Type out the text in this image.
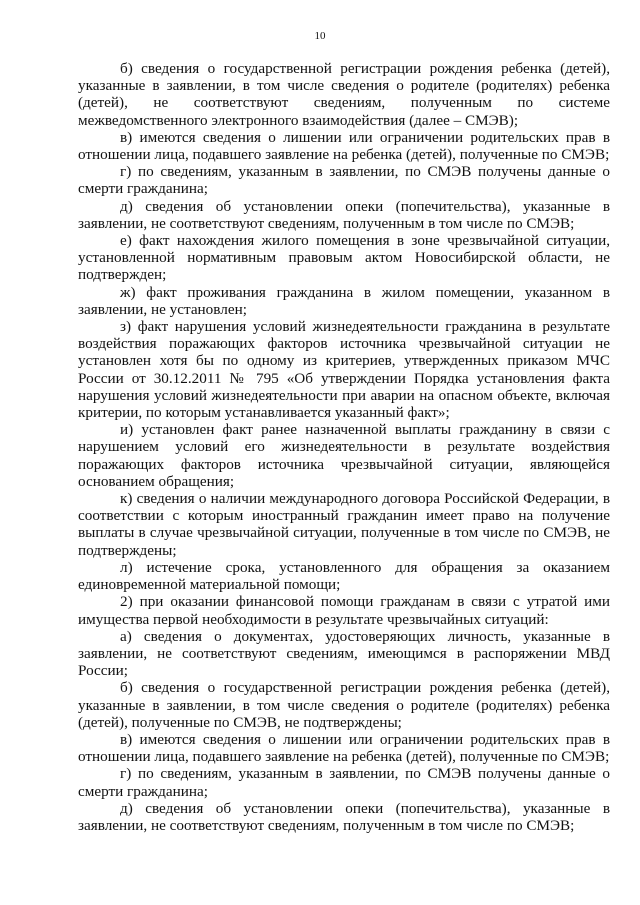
10

б) сведения о государственной регистрации рождения ребенка (детей), указанные в заявлении, в том числе сведения о родителе (родителях) ребенка (детей), не соответствуют сведениям, полученным по системе межведомственного электронного взаимодействия (далее – СМЭВ);

в) имеются сведения о лишении или ограничении родительских прав в отношении лица, подавшего заявление на ребенка (детей), полученные по СМЭВ;

г) по сведениям, указанным в заявлении, по СМЭВ получены данные о смерти гражданина;

д) сведения об установлении опеки (попечительства), указанные в заявлении, не соответствуют сведениям, полученным в том числе по СМЭВ;

е) факт нахождения жилого помещения в зоне чрезвычайной ситуации, установленной нормативным правовым актом Новосибирской области, не подтвержден;

ж) факт проживания гражданина в жилом помещении, указанном в заявлении, не установлен;

з) факт нарушения условий жизнедеятельности гражданина в результате воздействия поражающих факторов источника чрезвычайной ситуации не установлен хотя бы по одному из критериев, утвержденных приказом МЧС России от 30.12.2011 № 795 «Об утверждении Порядка установления факта нарушения условий жизнедеятельности при аварии на опасном объекте, включая критерии, по которым устанавливается указанный факт»;

и) установлен факт ранее назначенной выплаты гражданину в связи с нарушением условий его жизнедеятельности в результате воздействия поражающих факторов источника чрезвычайной ситуации, являющейся основанием обращения;

к) сведения о наличии международного договора Российской Федерации, в соответствии с которым иностранный гражданин имеет право на получение выплаты в случае чрезвычайной ситуации, полученные в том числе по СМЭВ, не подтверждены;

л) истечение срока, установленного для обращения за оказанием единовременной материальной помощи;

2) при оказании финансовой помощи гражданам в связи с утратой ими имущества первой необходимости в результате чрезвычайных ситуаций:

а) сведения о документах, удостоверяющих личность, указанные в заявлении, не соответствуют сведениям, имеющимся в распоряжении МВД России;

б) сведения о государственной регистрации рождения ребенка (детей), указанные в заявлении, в том числе сведения о родителе (родителях) ребенка (детей), полученные по СМЭВ, не подтверждены;

в) имеются сведения о лишении или ограничении родительских прав в отношении лица, подавшего заявление на ребенка (детей), полученные по СМЭВ;

г) по сведениям, указанным в заявлении, по СМЭВ получены данные о смерти гражданина;

д) сведения об установлении опеки (попечительства), указанные в заявлении, не соответствуют сведениям, полученным в том числе по СМЭВ;
